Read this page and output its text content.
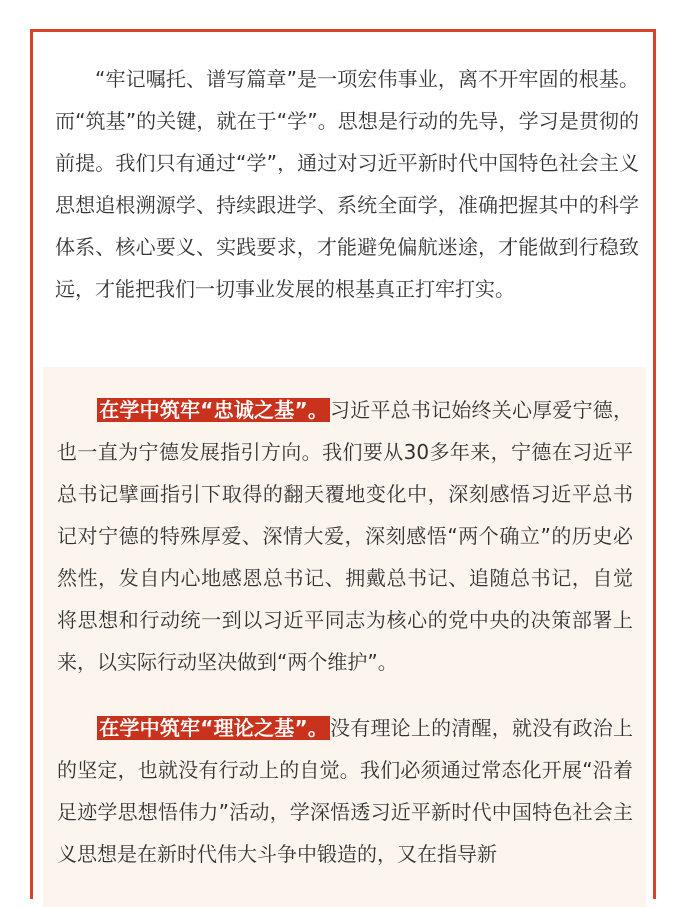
“牢记嘱托、谱写篇章”是一项宏伟事业，离不开牢固的根基。而“筑基”的关键，就在于“学”。思想是行动的先导，学习是贯彻的前提。我们只有通过“学”，通过对习近平新时代中国特色社会主义思想追根溯源学、持续跟进学、系统全面学，准确把握其中的科学体系、核心要义、实践要求，才能避免偏航迷途，才能做到行稳致远，才能把我们一切事业发展的根基真正打牢打实。

在学中筑牢“忠诚之基”。 习近平总书记始终关心厚爱宁德，也一直为宁德发展指引方向。我们要从30多年来，宁德在习近平总书记擘画指引下取得的翻天覆地变化中，深刻感悟习近平总书记对宁德的特殊厚爱、深情大爱，深刻感悟“两个确立”的历史必然性，发自内心地感恩总书记、拥戴总书记、追随总书记，自觉将思想和行动统一到以习近平同志为核心的党中央的决策部署上来，以实际行动坚决做到“两个维护”。

在学中筑牢“理论之基”。 没有理论上的清醒，就没有政治上的坚定，也就没有行动上的自觉。我们必须通过常态化开展“沿着足迹学思想悟伟力”活动，学深悟透习近平新时代中国特色社会主义思想是在新时代伟大斗争中锻造的，又在指导新
